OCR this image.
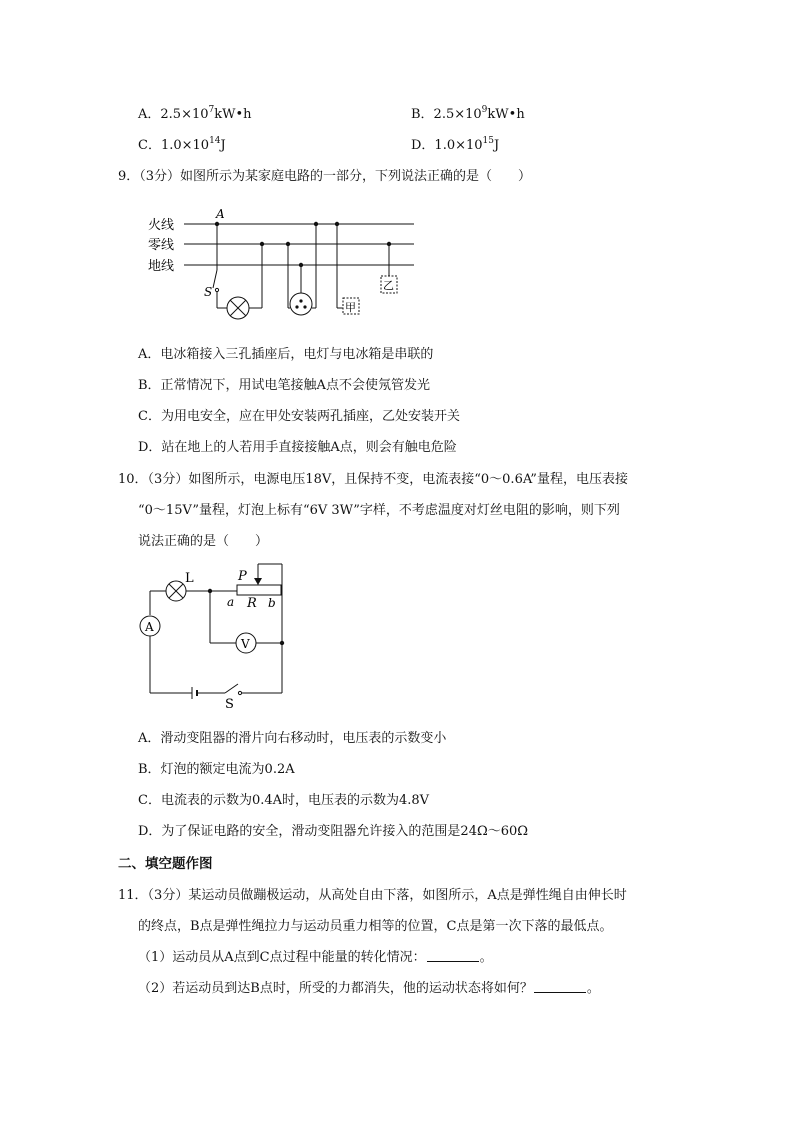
A．$2.5\times 10^7kW•h$	B．$2.5\times 10^9kW•h$
C．$1.0\times 10^{14}J$	D．$1.0\times 10^{15}J$
9．（3分）如图所示为某家庭电路的一部分，下列说法正确的是（　　）
火线
零线
地线
A
S
甲
乙
A．电冰箱接入三孔插座后，电灯与电冰箱是串联的
B．正常情况下，用试电笔接触A点不会使氖管发光
C．为用电安全，应在甲处安装两孔插座，乙处安装开关
D．站在地上的人若用手直接接触A点，则会有触电危险
10．（3分）如图所示，电源电压18V，且保持不变，电流表接“0～0.6A”量程，电压表接
“0～15V”量程，灯泡上标有“6V 3W”字样，不考虑温度对灯丝电阻的影响，则下列
说法正确的是（　　）
L	P
a R b
A
V
S
A．滑动变阻器的滑片向右移动时，电压表的示数变小
B．灯泡的额定电流为0.2A
C．电流表的示数为0.4A时，电压表的示数为4.8V
D．为了保证电路的安全，滑动变阻器允许接入的范围是24Ω～60Ω
二、填空题作图
11．（3分）某运动员做蹦极运动，从高处自由下落，如图所示，A点是弹性绳自由伸长时
的终点，B点是弹性绳拉力与运动员重力相等的位置，C点是第一次下落的最低点。
（1）运动员从A点到C点过程中能量的转化情况：	。
（2）若运动员到达B点时，所受的力都消失，他的运动状态将如何？	。
